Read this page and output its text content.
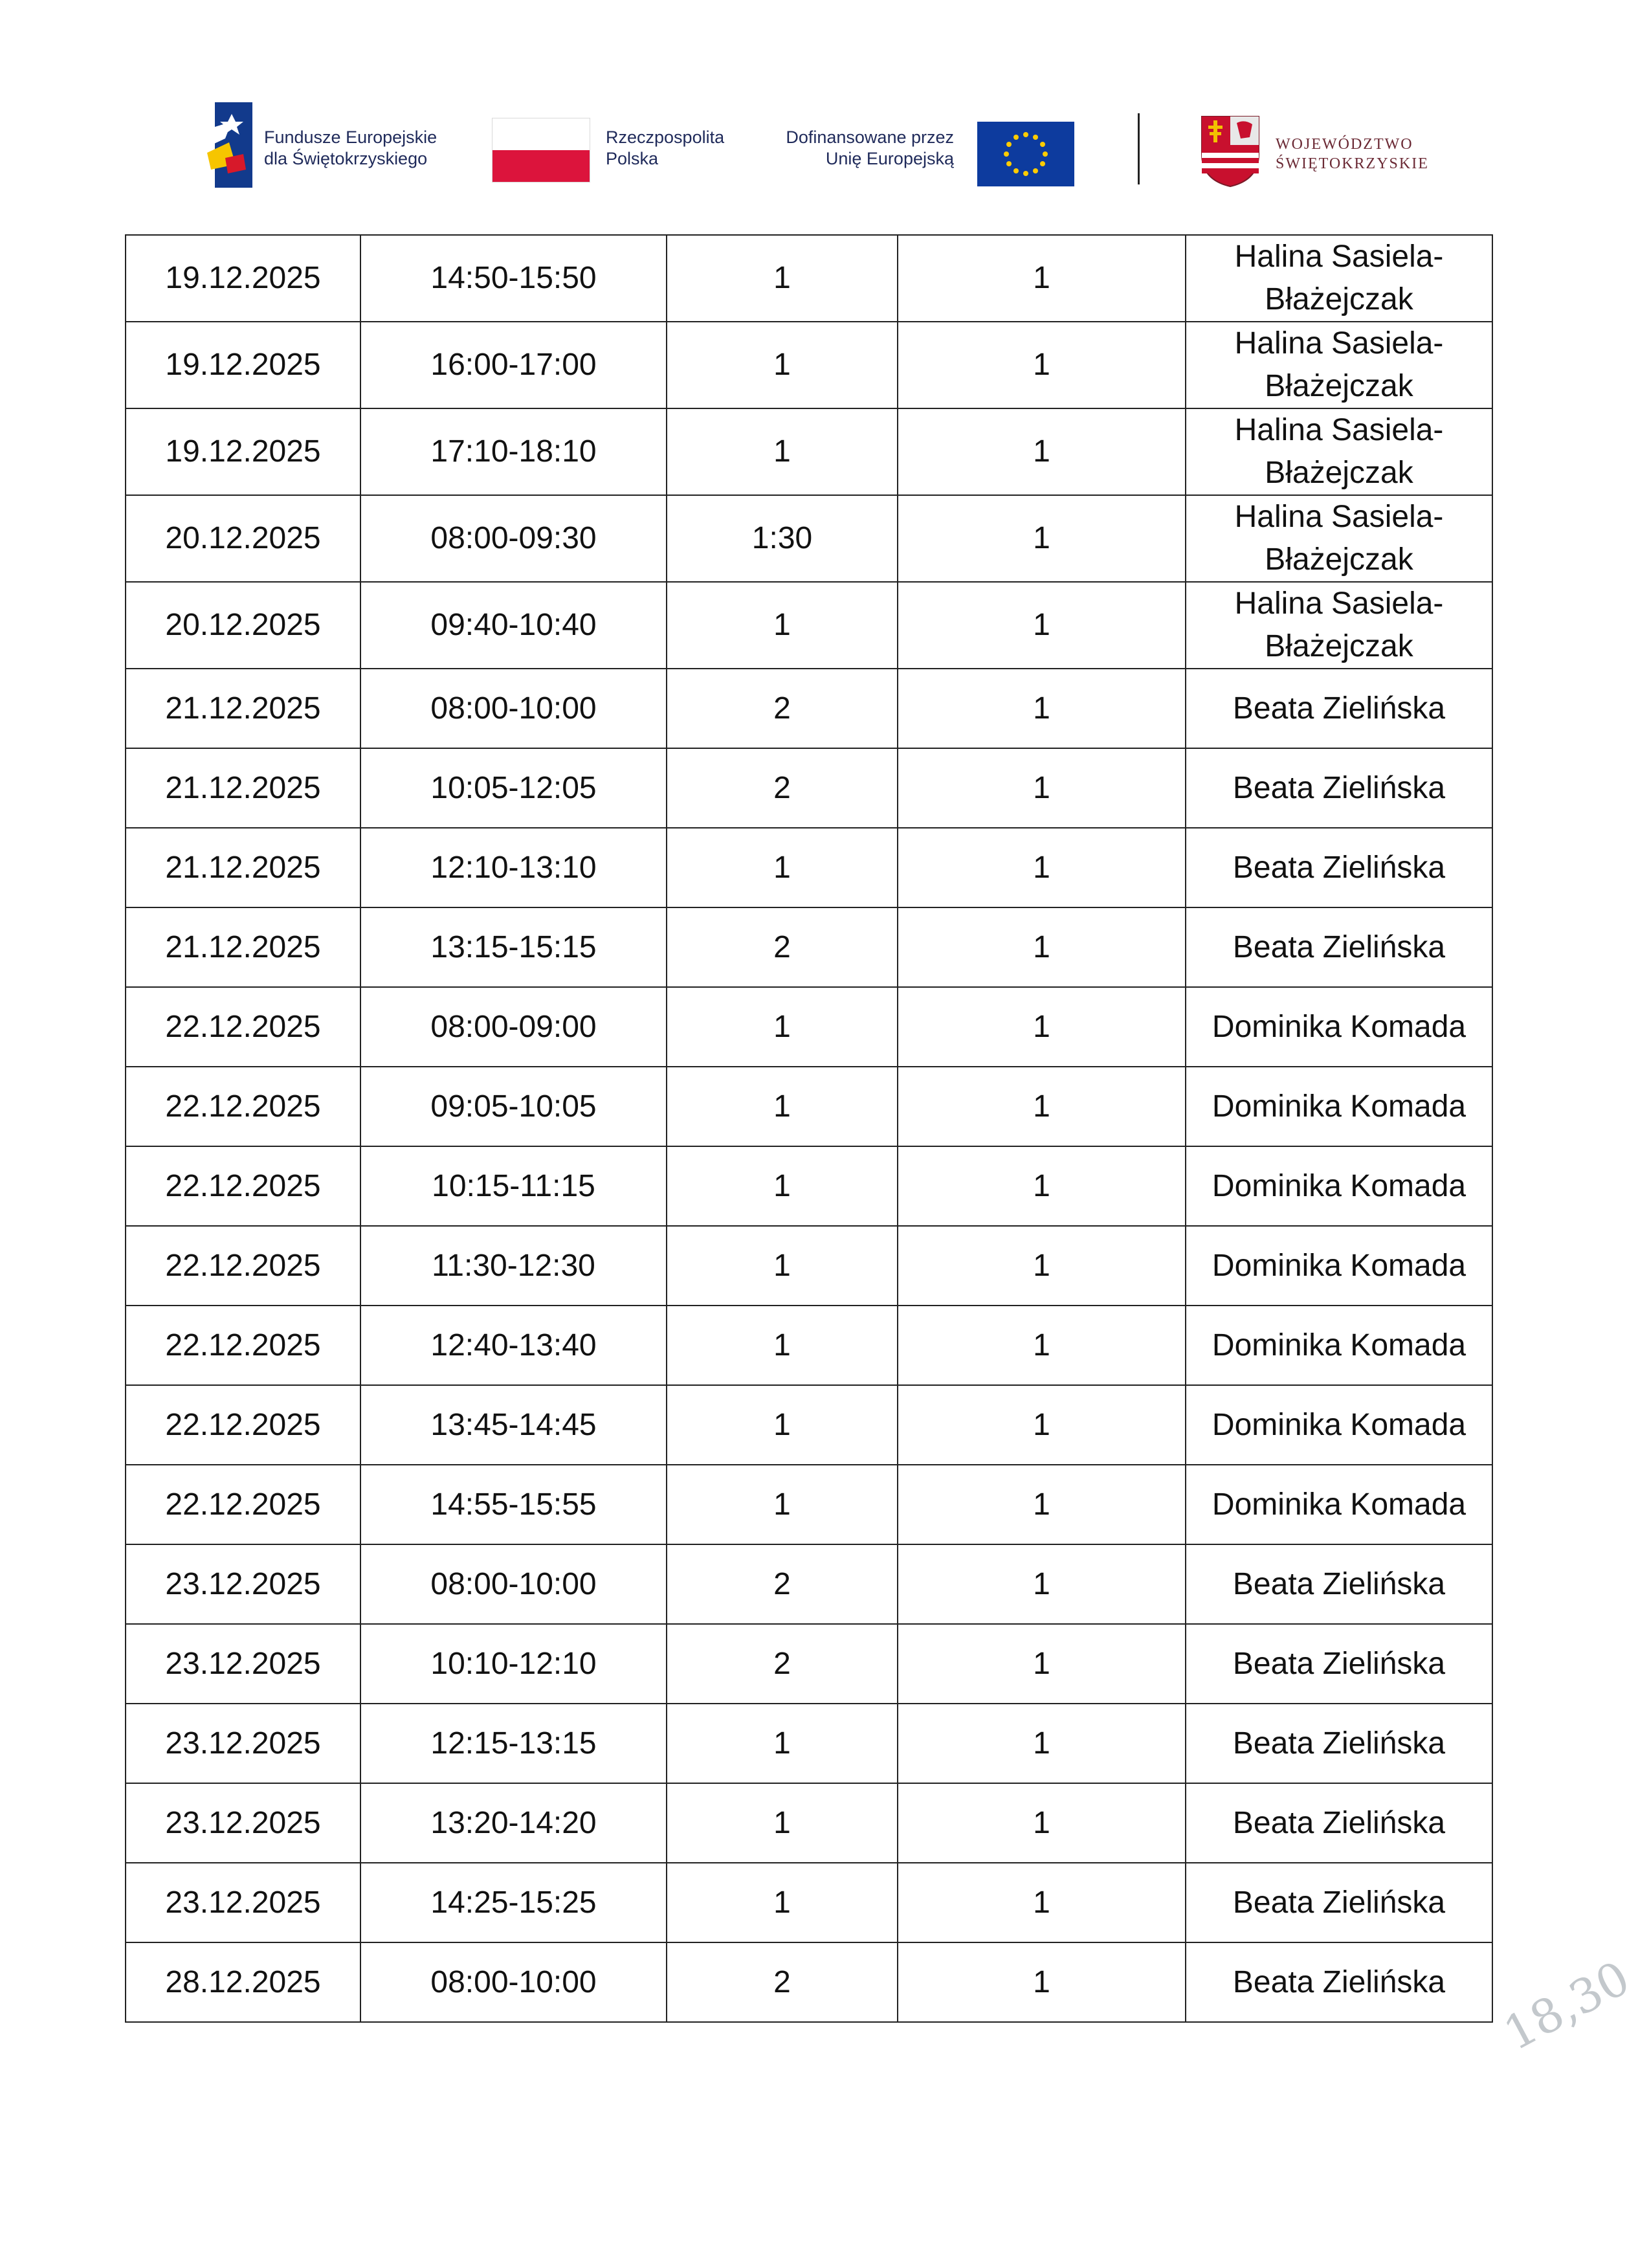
Fundusze Europejskie
dla Świętokrzyskiego
Rzeczpospolita
Polska
Dofinansowane przez
Unię Europejską
WOJEWÓDZTWO
ŚWIĘTOKRZYSKIE
19.12.2025	14:50-15:50	1	1	Halina Sasiela-
Błażejczak

19.12.2025	16:00-17:00	1	1	Halina Sasiela-
Błażejczak

19.12.2025	17:10-18:10	1	1	Halina Sasiela-
Błażejczak

20.12.2025	08:00-09:30	1:30	1	Halina Sasiela-
Błażejczak

20.12.2025	09:40-10:40	1	1	Halina Sasiela-
Błażejczak

21.12.2025	08:00-10:00	2	1	Beata Zielińska
21.12.2025	10:05-12:05	2	1	Beata Zielińska
21.12.2025	12:10-13:10	1	1	Beata Zielińska
21.12.2025	13:15-15:15	2	1	Beata Zielińska
22.12.2025	08:00-09:00	1	1	Dominika Komada
22.12.2025	09:05-10:05	1	1	Dominika Komada
22.12.2025	10:15-11:15	1	1	Dominika Komada
22.12.2025	11:30-12:30	1	1	Dominika Komada
22.12.2025	12:40-13:40	1	1	Dominika Komada
22.12.2025	13:45-14:45	1	1	Dominika Komada
22.12.2025	14:55-15:55	1	1	Dominika Komada
23.12.2025	08:00-10:00	2	1	Beata Zielińska
23.12.2025	10:10-12:10	2	1	Beata Zielińska
23.12.2025	12:15-13:15	1	1	Beata Zielińska
23.12.2025	13:20-14:20	1	1	Beata Zielińska
23.12.2025	14:25-15:25	1	1	Beata Zielińska
28.12.2025	08:00-10:00	2	1	Beata Zielińska 18,30
